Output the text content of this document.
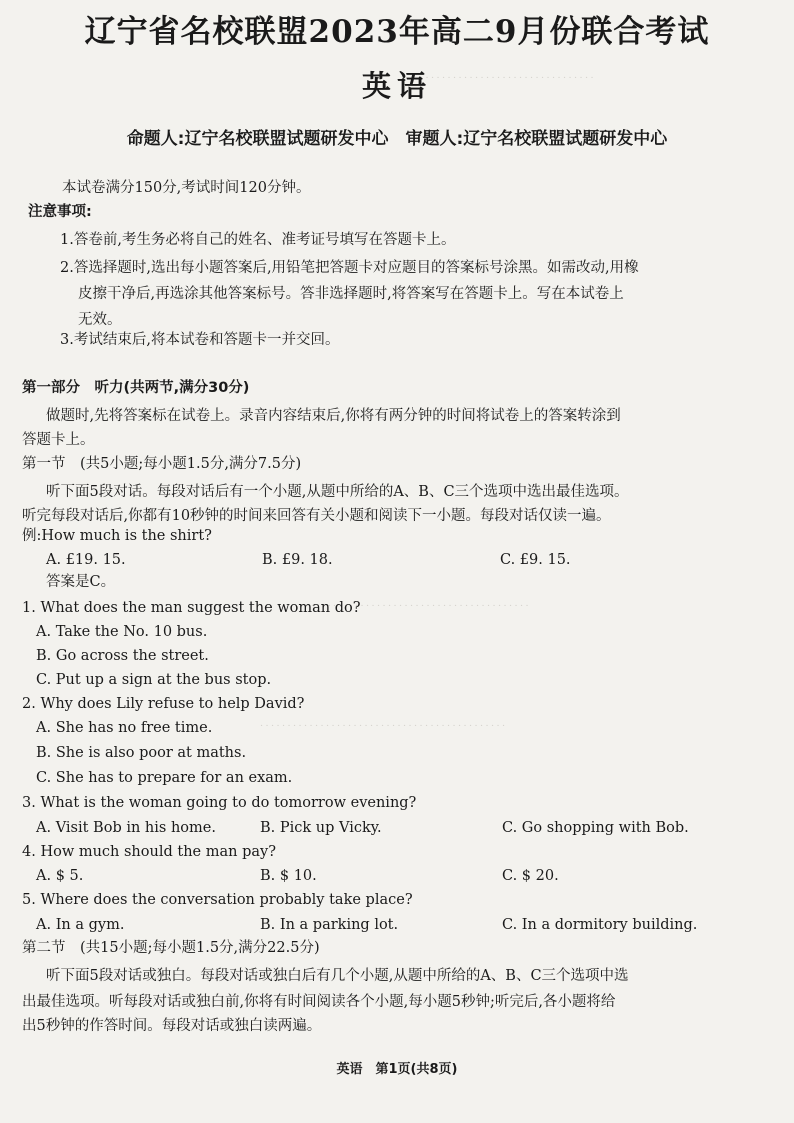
· · · · · · · · · · · · · · · · · · · · · · · · · · · · · · · ·
· · · · · · · · · · · · · · · · · · · · · · · · · · · · · · · · · · · · · · · · · ·
· · · · · · · · · · · · · · · · · · · · · · · · · · · · · · · · · · · · · · · · · · · · ·
辽宁省名校联盟2023年高二9月份联合考试
英语
命题人:辽宁名校联盟试题研发中心　审题人:辽宁名校联盟试题研发中心
本试卷满分150分,考试时间120分钟。
注意事项:
1.答卷前,考生务必将自己的姓名、准考证号填写在答题卡上。
2.答选择题时,选出每小题答案后,用铅笔把答题卡对应题目的答案标号涂黑。如需改动,用橡
皮擦干净后,再选涂其他答案标号。答非选择题时,将答案写在答题卡上。写在本试卷上
无效。
3.考试结束后,将本试卷和答题卡一并交回。
第一部分　听力(共两节,满分30分)
做题时,先将答案标在试卷上。录音内容结束后,你将有两分钟的时间将试卷上的答案转涂到
答题卡上。
第一节　(共5小题;每小题1.5分,满分7.5分)
听下面5段对话。每段对话后有一个小题,从题中所给的A、B、C三个选项中选出最佳选项。
听完每段对话后,你都有10秒钟的时间来回答有关小题和阅读下一小题。每段对话仅读一遍。
例:How much is the shirt?
A. £19. 15.	B. £9. 18.	C. £9. 15.
答案是C。
1. What does the man suggest the woman do?
A. Take the No. 10 bus.
B. Go across the street.
C. Put up a sign at the bus stop.
2. Why does Lily refuse to help David?
A. She has no free time.
B. She is also poor at maths.
C. She has to prepare for an exam.
3. What is the woman going to do tomorrow evening?
A. Visit Bob in his home.	B. Pick up Vicky.	C. Go shopping with Bob.
4. How much should the man pay?
A. $ 5.	B. $ 10.	C. $ 20.
5. Where does the conversation probably take place?
A. In a gym.	B. In a parking lot.	C. In a dormitory building.
第二节　(共15小题;每小题1.5分,满分22.5分)
听下面5段对话或独白。每段对话或独白后有几个小题,从题中所给的A、B、C三个选项中选
出最佳选项。听每段对话或独白前,你将有时间阅读各个小题,每小题5秒钟;听完后,各小题将给
出5秒钟的作答时间。每段对话或独白读两遍。
英语　第1页(共8页)
